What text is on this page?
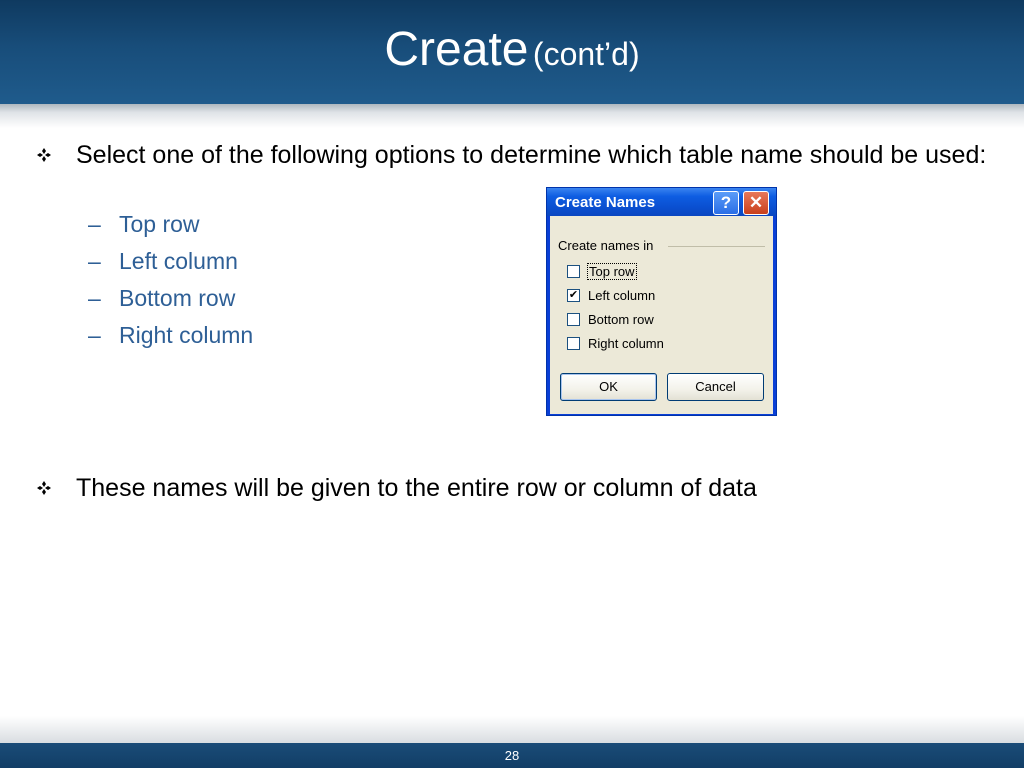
Create (cont’d)
Select one of the following options to determine which table name should be used:
– Top row
– Left column
– Bottom row
– Right column
Create Names	?	✕
Create names in
Top row
✔ Left column
Bottom row
Right column
OK	Cancel
These names will be given to the entire row or column of data
28
